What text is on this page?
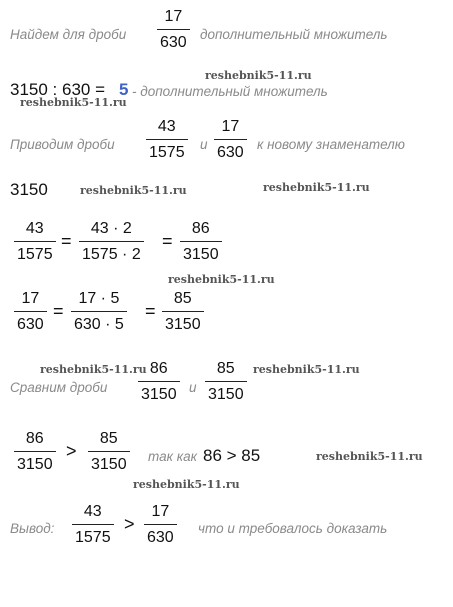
Найдем для дроби
17
630 дополнительный множитель
reshebnik5-11.ru
3150 : 630 = 5 - дополнительный множитель
reshebnik5-11.ru
Приводим дроби
43
1575 и
17
630 к новому знаменателю
3150	reshebnik5-11.ru	reshebnik5-11.ru
43
1575
=
43 · 2
1575 · 2
=
86
3150
reshebnik5-11.ru
17
630
=
17 · 5
630 · 5
=
85
3150
reshebnik5-11.ru
Сравним дроби
86
3150 и
85
3150
reshebnik5-11.ru
86
3150
>
85
3150 так как 86 > 85	reshebnik5-11.ru
reshebnik5-11.ru
Вывод:
43
1575
>
17
630
что и требовалось доказать
